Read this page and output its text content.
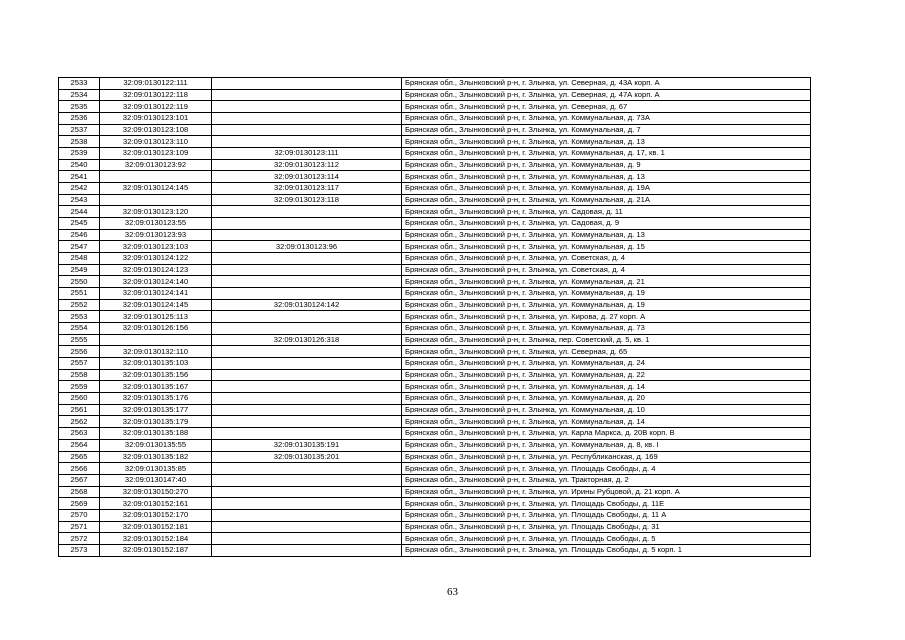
2533	32:09:0130122:111		Брянская обл., Злынковский р-н, г. Злынка, ул. Северная, д. 43А корп. А
2534	32:09:0130122:118		Брянская обл., Злынковский р-н, г. Злынка, ул. Северная, д. 47А корп. А
2535	32:09:0130122:119		Брянская обл., Злынковский р-н, г. Злынка, ул. Северная, д. 67
2536	32:09:0130123:101		Брянская обл., Злынковский р-н, г. Злынка, ул. Коммунальная, д. 73А
2537	32:09:0130123:108		Брянская обл., Злынковский р-н, г. Злынка, ул. Коммунальная, д. 7
2538	32:09:0130123:110		Брянская обл., Злынковский р-н, г. Злынка, ул. Коммунальная, д. 13
2539	32:09:0130123:109	32:09:0130123:111	Брянская обл., Злынковский р-н, г. Злынка, ул. Коммунальная, д. 17, кв. 1
2540	32:09:0130123:92	32:09:0130123:112	Брянская обл., Злынковский р-н, г. Злынка, ул. Коммунальная, д. 9
2541		32:09:0130123:114	Брянская обл., Злынковский р-н, г. Злынка, ул. Коммунальная, д. 13
2542	32:09:0130124:145	32:09:0130123:117	Брянская обл., Злынковский р-н, г. Злынка, ул. Коммунальная, д. 19А
2543		32:09:0130123:118	Брянская обл., Злынковский р-н, г. Злынка, ул. Коммунальная, д. 21А
2544	32:09:0130123:120		Брянская обл., Злынковский р-н, г. Злынка, ул. Садовая, д. 11
2545	32:09:0130123:55		Брянская обл., Злынковский р-н, г. Злынка, ул. Садовая, д. 9
2546	32:09:0130123:93		Брянская обл., Злынковский р-н, г. Злынка, ул. Коммунальная, д. 13
2547	32:09:0130123:103	32:09:0130123:96	Брянская обл., Злынковский р-н, г. Злынка, ул. Коммунальная, д. 15
2548	32:09:0130124:122		Брянская обл., Злынковский р-н, г. Злынка, ул. Советская, д. 4
2549	32:09:0130124:123		Брянская обл., Злынковский р-н, г. Злынка, ул. Советская, д. 4
2550	32:09:0130124:140		Брянская обл., Злынковский р-н, г. Злынка, ул. Коммунальная, д. 21
2551	32:09:0130124:141		Брянская обл., Злынковский р-н, г. Злынка, ул. Коммунальная, д. 19
2552	32:09:0130124:145	32:09:0130124:142	Брянская обл., Злынковский р-н, г. Злынка, ул. Коммунальная, д. 19
2553	32:09:0130125:113		Брянская обл., Злынковский р-н, г. Злынка, ул. Кирова, д. 27 корп. А
2554	32:09:0130126:156		Брянская обл., Злынковский р-н, г. Злынка, ул. Коммунальная, д. 73
2555		32:09:0130126:318	Брянская обл., Злынковский р-н, г. Злынка, пер. Советский, д. 5, кв. 1
2556	32:09:0130132:110		Брянская обл., Злынковский р-н, г. Злынка, ул. Северная, д. 65
2557	32:09:0130135:103		Брянская обл., Злынковский р-н, г. Злынка, ул. Коммунальная, д. 24
2558	32:09:0130135:156		Брянская обл., Злынковский р-н, г. Злынка, ул. Коммунальная, д. 22
2559	32:09:0130135:167		Брянская обл., Злынковский р-н, г. Злынка, ул. Коммунальная, д. 14
2560	32:09:0130135:176		Брянская обл., Злынковский р-н, г. Злынка, ул. Коммунальная, д. 20
2561	32:09:0130135:177		Брянская обл., Злынковский р-н, г. Злынка, ул. Коммунальная, д. 10
2562	32:09:0130135:179		Брянская обл., Злынковский р-н, г. Злынка, ул. Коммунальная, д. 14
2563	32:09:0130135:188		Брянская обл., Злынковский р-н, г. Злынка, ул. Карла Маркса, д. 20В корп. В
2564	32:09:0130135:55	32:09:0130135:191	Брянская обл., Злынковский р-н, г. Злынка, ул. Коммунальная, д. 8, кв. I
2565	32:09:0130135:182	32:09:0130135:201	Брянская обл., Злынковский р-н, г. Злынка, ул. Республиканская, д. 169
2566	32:09:0130135:85		Брянская обл., Злынковский р-н, г. Злынка, ул. Площадь Свободы, д. 4
2567	32:09:0130147:40		Брянская обл., Злынковский р-н, г. Злынка, ул. Тракторная, д. 2
2568	32:09:0130150:270		Брянская обл., Злынковский р-н, г. Злынка, ул. Ирины Рубцовой, д. 21 корп. А
2569	32:09:0130152:161		Брянская обл., Злынковский р-н, г. Злынка, ул. Площадь Свободы, д. 11Е
2570	32:09:0130152:170		Брянская обл., Злынковский р-н, г. Злынка, ул. Площадь Свободы, д. 11 А
2571	32:09:0130152:181		Брянская обл., Злынковский р-н, г. Злынка, ул. Площадь Свободы, д. 31
2572	32:09:0130152:184		Брянская обл., Злынковский р-н, г. Злынка, ул. Площадь Свободы, д. 5
2573	32:09:0130152:187		Брянская обл., Злынковский р-н, г. Злынка, ул. Площадь Свободы, д. 5 корп. 1
63
